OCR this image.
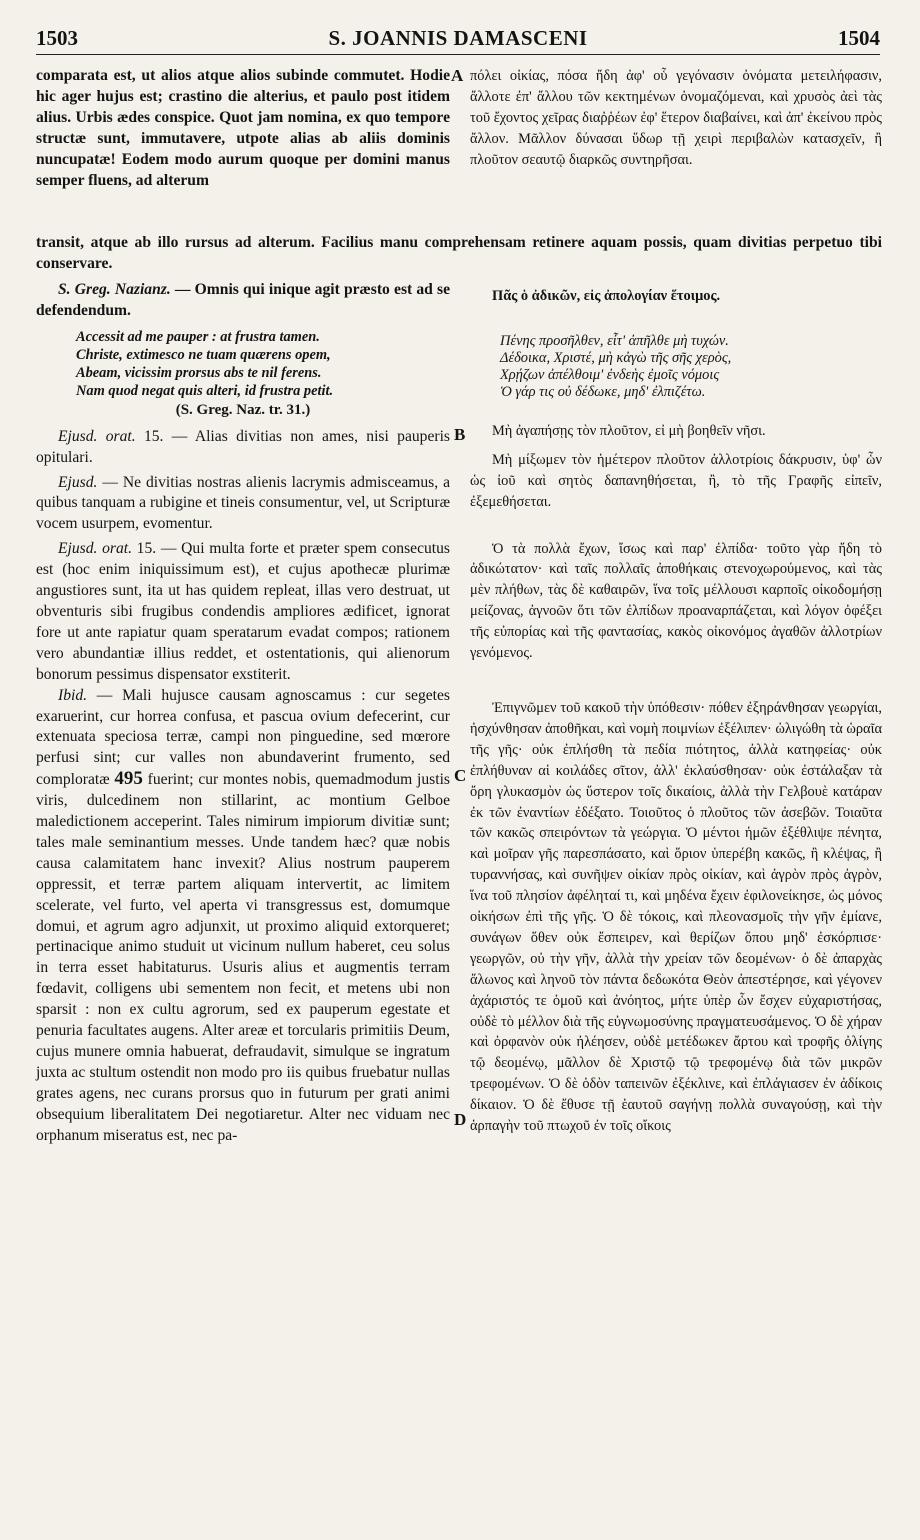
1503	S. JOANNIS DAMASCENI	1504

comparata est, ut alios atque alios subinde commutet. Hodie hic ager hujus est; crastino die alterius, et paulo post itidem alius. Urbis ædes conspice. Quot jam nomina, ex quo tempore structæ sunt, immutavere, utpote alias ab aliis dominis nuncupatæ! Eodem modo aurum quoque per domini manus semper fluens, ad alterum

A πόλει οἰκίας, πόσα ἤδη ἀφ' οὗ γεγόνασιν ὀνόματα μετειλήφασιν, ἄλλοτε ἐπ' ἄλλου τῶν κεκτημένων ὀνομαζόμεναι, καὶ χρυσὸς ἀεὶ τὰς τοῦ ἔχοντος χεῖρας διαῤῥέων ἐφ' ἕτερον διαβαίνει, καὶ ἀπ' ἐκείνου πρὸς ἄλλον. Μᾶλλον δύνασαι ὕδωρ τῇ χειρὶ περιβαλὼν κατασχεῖν, ἢ πλοῦτον σεαυτῷ διαρκῶς συντηρῆσαι.

transit, atque ab illo rursus ad alterum. Facilius manu comprehensam retinere aquam possis, quam divitias perpetuo tibi conservare.

S. Greg. Nazianz. — Omnis qui inique agit præsto est ad se defendendum.

Accessit ad me pauper : at frustra tamen.
Christe, extimesco ne tuam quærens opem,
Abeam, vicissim prorsus abs te nil ferens.
Nam quod negat quis alteri, id frustra petit.

(S. Greg. Naz. tr. 31.)

Ejusd. orat. 15. — Alias divitias non ames, nisi pauperis opitulari.

Ejusd. — Ne divitias nostras alienis lacrymis admisceamus, a quibus tanquam a rubigine et tineis consumentur, vel, ut Scripturæ vocem usurpem, evomentur.

Ejusd. orat. 15. — Qui multa forte et præter spem consecutus est (hoc enim iniquissimum est), et cujus apothecæ plurimæ angustiores sunt, ita ut has quidem repleat, illas vero destruat, ut obventuris sibi frugibus condendis ampliores ædificet, ignorat fore ut ante rapiatur quam speratarum evadat compos; rationem vero abundantiæ illius reddet, et ostentationis, qui alienorum bonorum pessimus dispensator exstiterit.

Ibid. — Mali hujusce causam agnoscamus : cur segetes exaruerint, cur horrea confusa, et pascua ovium defecerint, cur extenuata speciosa terræ, campi non pinguedine, sed mœrore perfusi sint; cur valles non abundaverint frumento, sed comploratæ 495 fuerint; cur montes nobis, quemadmodum justis viris, dulcedinem non stillarint, ac montium Gelboe maledictionem acceperint. Tales nimirum impiorum divitiæ sunt; tales male seminantium messes. Unde tandem hæc? quæ nobis causa calamitatem hanc invexit? Alius nostrum pauperem oppressit, et terræ partem aliquam intervertit, ac limitem scelerate, vel furto, vel aperta vi transgressus est, domumque domui, et agrum agro adjunxit, ut proximo aliquid extorqueret; pertinacique animo studuit ut vicinum nullum haberet, ceu solus in terra esset habitaturus. Usuris alius et augmentis terram fœdavit, colligens ubi sementem non fecit, et metens ubi non sparsit : non ex cultu agrorum, sed ex pauperum egestate et penuria facultates augens. Alter areæ et torcularis primitiis Deum, cujus munere omnia habuerat, defraudavit, simulque se ingratum juxta ac stultum ostendit non modo pro iis quibus fruebatur nullas grates agens, nec curans prorsus quo in futurum per grati animi obsequium liberalitatem Dei negotiaretur. Alter nec viduam nec orphanum miseratus est, nec pa-

B
C
D

Πᾶς ὁ ἀδικῶν, εἰς ἀπολογίαν ἕτοιμος.

Πένης προσῆλθεν, εἶτ' ἀπῆλθε μὴ τυχών.
Δέδοικα, Χριστέ, μὴ κἀγὼ τῆς σῆς χερὸς,
Χρῄζων ἀπέλθοιμ' ἐνδεὴς ἐμοῖς νόμοις
Ὁ γάρ τις οὐ δέδωκε, μηδ' ἐλπιζέτω.

Μὴ ἀγαπήσῃς τὸν πλοῦτον, εἰ μὴ βοηθεῖν νῆσι.

Μὴ μίξωμεν τὸν ἡμέτερον πλοῦτον ἀλλοτρίοις δάκρυσιν, ὑφ' ὧν ὡς ἰοῦ καὶ σητὸς δαπανηθήσεται, ἢ, τὸ τῆς Γραφῆς εἰπεῖν, ἐξεμεθήσεται.

Ὁ τὰ πολλὰ ἔχων, ἴσως καὶ παρ' ἐλπίδα· τοῦτο γὰρ ἤδη τὸ ἀδικώτατον· καὶ ταῖς πολλαῖς ἀποθήκαις στενοχωρούμενος, καὶ τὰς μὲν πλήθων, τὰς δὲ καθαιρῶν, ἵνα τοῖς μέλλουσι καρποῖς οἰκοδομήσῃ μείζονας, ἀγνοῶν ὅτι τῶν ἐλπίδων προαναρπάζεται, καὶ λόγον ὀφέξει τῆς εὐπορίας καὶ τῆς φαντασίας, κακὸς οἰκονόμος ἀγαθῶν ἀλλοτρίων γενόμενος.

Ἐπιγνῶμεν τοῦ κακοῦ τὴν ὑπόθεσιν· πόθεν ἐξηράνθησαν γεωργίαι, ἠσχύνθησαν ἀποθῆκαι, καὶ νομὴ ποιμνίων ἐξέλιπεν· ὠλιγώθη τὰ ὡραῖα τῆς γῆς· οὐκ ἐπλήσθη τὰ πεδία πιότητος, ἀλλὰ κατηφείας· οὐκ ἐπλήθυναν αἱ κοιλάδες σῖτον, ἀλλ' ἐκλαύσθησαν· οὐκ ἐστάλαξαν τὰ ὄρη γλυκασμὸν ὡς ὕστερον τοῖς δικαίοις, ἀλλὰ τὴν Γελβουὲ κατάραν ἐκ τῶν ἐναντίων ἐδέξατο. Τοιοῦτος ὁ πλοῦτος τῶν ἀσεβῶν. Τοιαῦτα τῶν κακῶς σπειρόντων τὰ γεώργια. Ὁ μέντοι ἡμῶν ἐξέθλιψε πένητα, καὶ μοῖραν γῆς παρεσπάσατο, καὶ ὅριον ὑπερέβη κακῶς, ἢ κλέψας, ἢ τυραννήσας, καὶ συνῆψεν οἰκίαν πρὸς οἰκίαν, καὶ ἀγρὸν πρὸς ἀγρὸν, ἵνα τοῦ πλησίον ἀφέληταί τι, καὶ μηδένα ἔχειν ἐφιλονείκησε, ὡς μόνος οἰκήσων ἐπὶ τῆς γῆς. Ὁ δὲ τόκοις, καὶ πλεονασμοῖς τὴν γῆν ἐμίανε, συνάγων ὅθεν οὐκ ἔσπειρεν, καὶ θερίζων ὅπου μηδ' ἐσκόρπισε· γεωργῶν, οὐ τὴν γῆν, ἀλλὰ τὴν χρείαν τῶν δεομένων· ὁ δὲ ἀπαρχὰς ἅλωνος καὶ ληνοῦ τὸν πάντα δεδωκότα Θεὸν ἀπεστέρησε, καὶ γέγονεν ἀχάριστός τε ὁμοῦ καὶ ἀνόητος, μήτε ὑπὲρ ὧν ἔσχεν εὐχαριστήσας, οὐδὲ τὸ μέλλον διὰ τῆς εὐγνωμοσύνης πραγματευσάμενος. Ὁ δὲ χήραν καὶ ὀρφανὸν οὐκ ἠλέησεν, οὐδὲ μετέδωκεν ἄρτου καὶ τροφῆς ὀλίγης τῷ δεομένῳ, μᾶλλον δὲ Χριστῷ τῷ τρεφομένῳ διὰ τῶν μικρῶν τρεφομένων. Ὁ δὲ ὁδὸν ταπεινῶν ἐξέκλινε, καὶ ἐπλάγιασεν ἐν ἀδίκοις δίκαιον. Ὁ δὲ ἔθυσε τῇ ἑαυτοῦ σαγήνῃ πολλὰ συναγούσῃ, καὶ τὴν ἁρπαγὴν τοῦ πτωχοῦ ἐν τοῖς οἴκοις
